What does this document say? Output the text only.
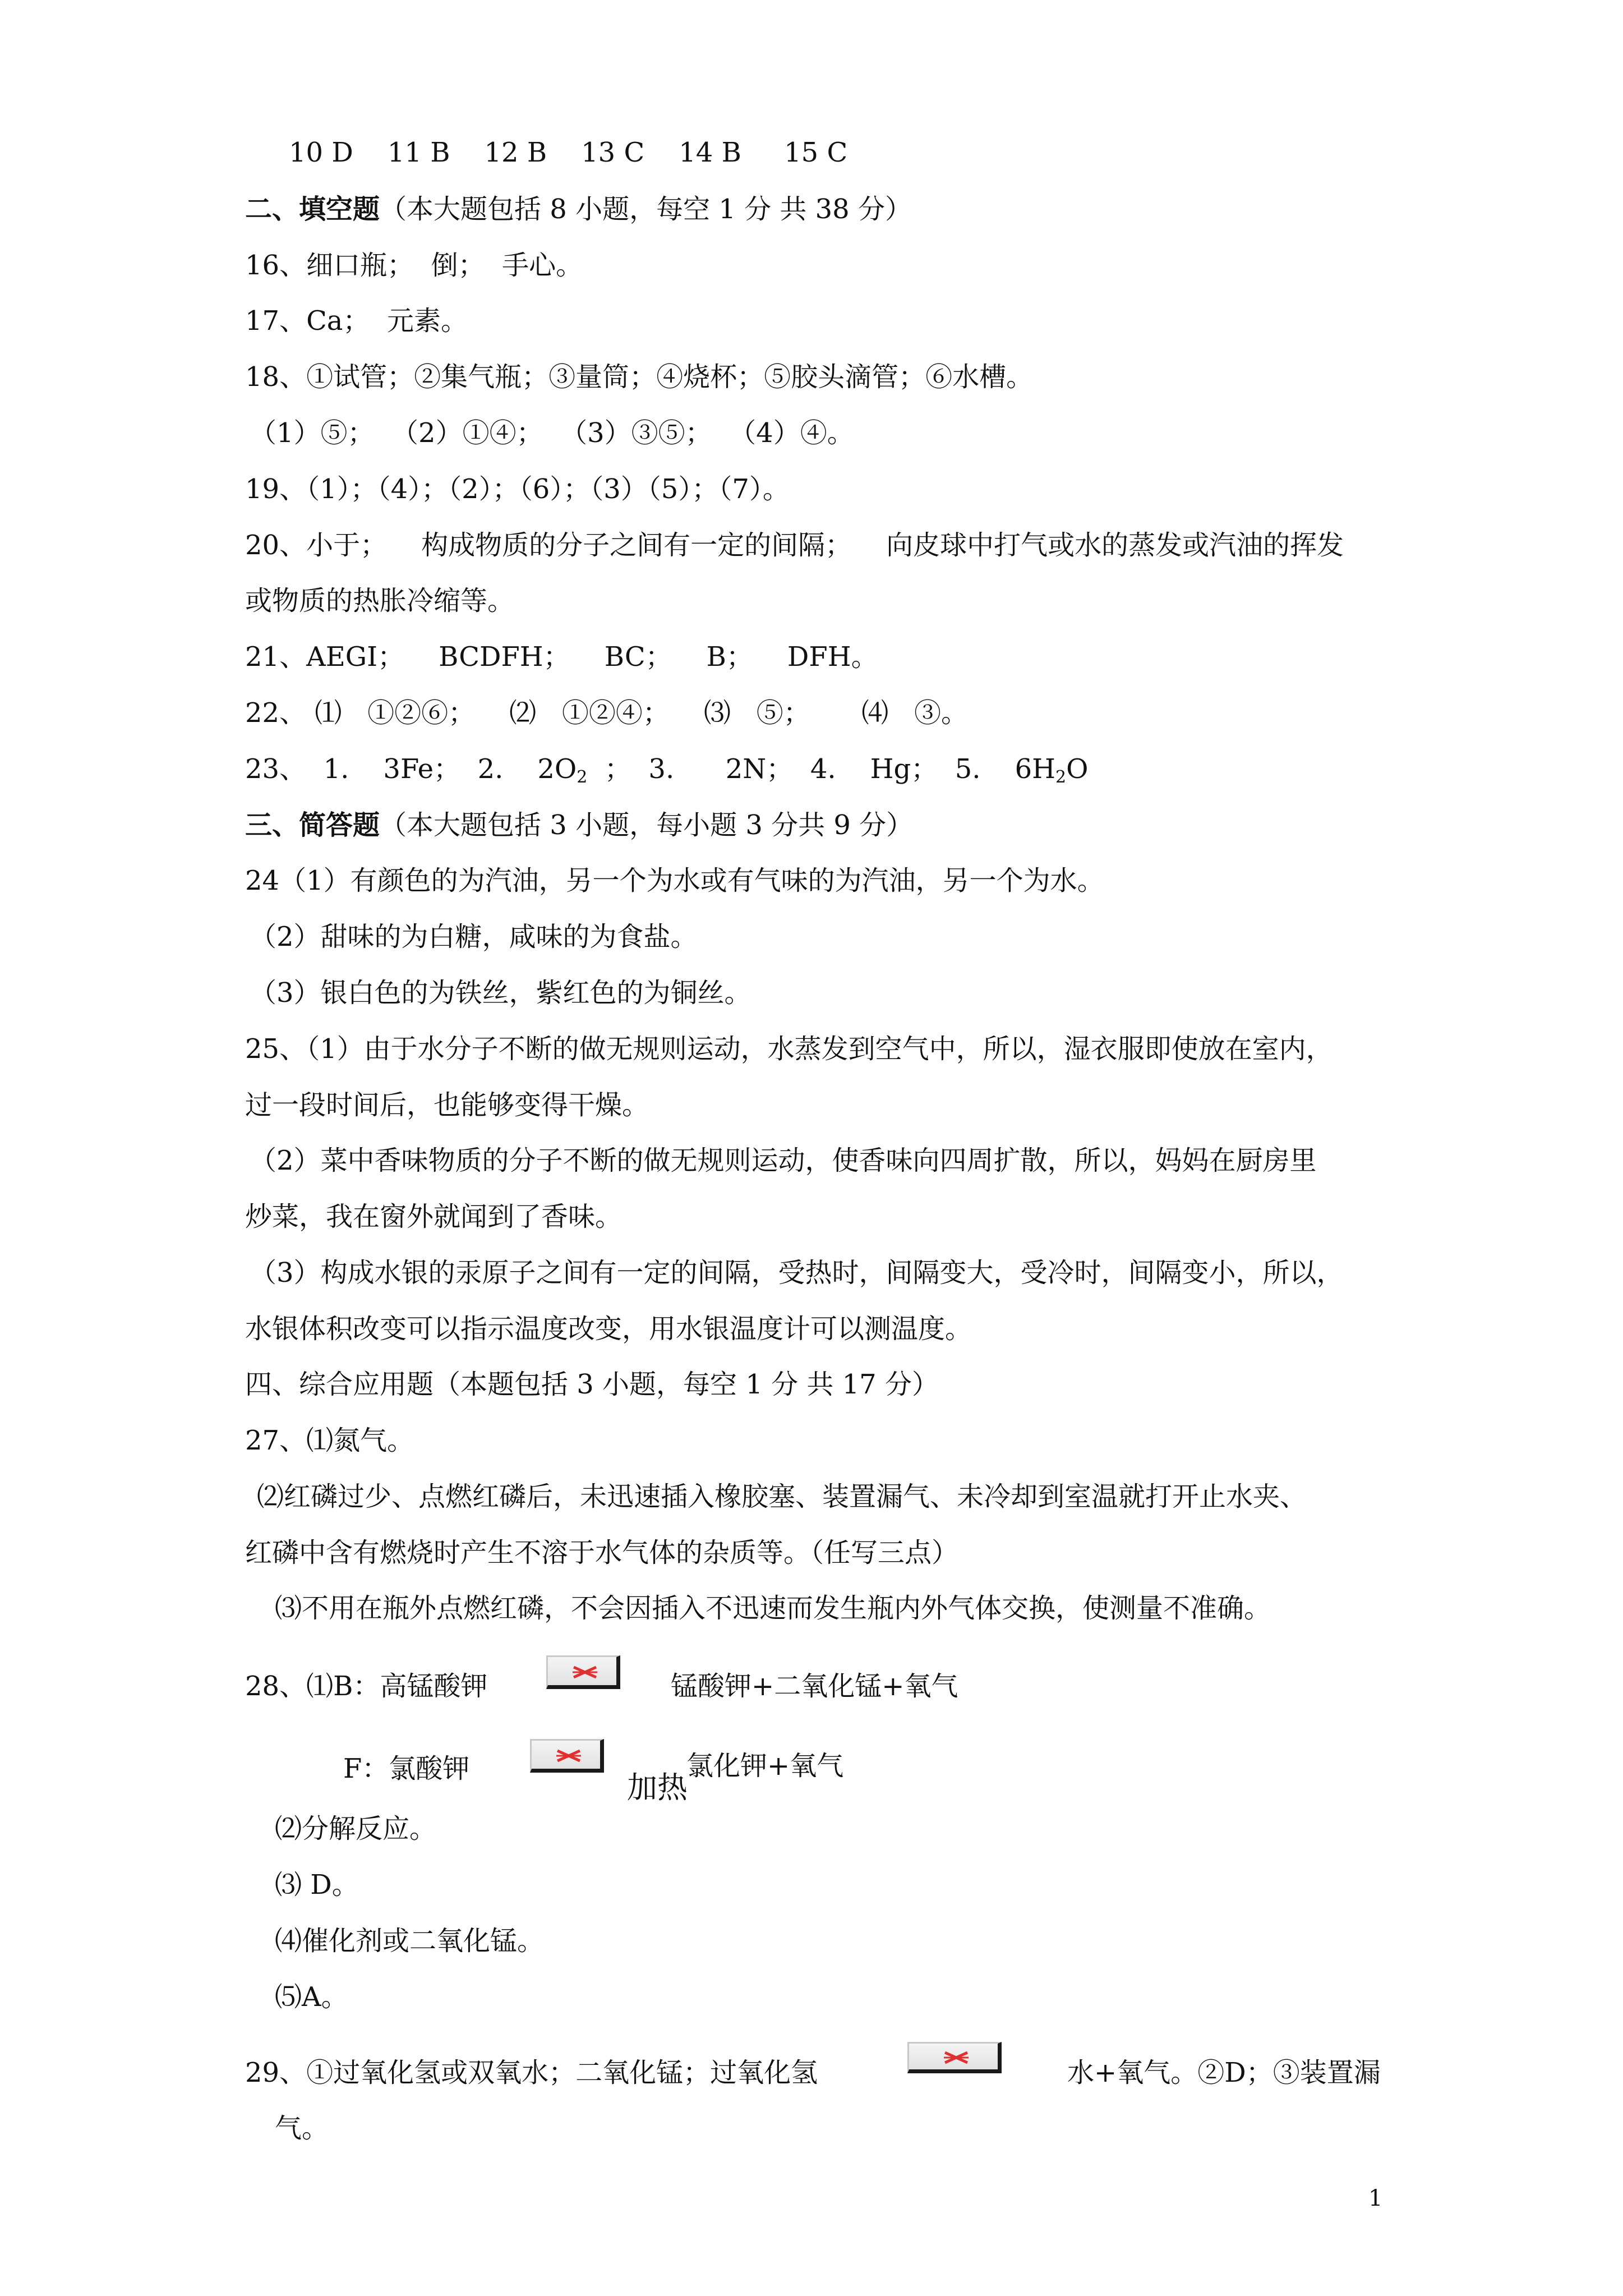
10 D    11 B    12 B    13 C    14 B     15 C
二、填空题（本大题包括 8 小题，每空 1 分 共 38 分）
16、细口瓶；  倒；  手心。
17、Ca；  元素。
18、①试管；②集气瓶；③量筒；④烧杯；⑤胶头滴管；⑥水槽。
（1）⑤；  （2）①④；  （3）③⑤；  （4）④。
19、（1）；（4）；（2）；（6）；（3）（5）；（7）。
20、小于；    构成物质的分子之间有一定的间隔；    向皮球中打气或水的蒸发或汽油的挥发
或物质的热胀冷缩等。
21、AEGI；    BCDFH；    BC；    B；    DFH。
22、 ⑴   ①②⑥；    ⑵   ①②④；    ⑶   ⑤；      ⑷   ③。
23、  1.    3Fe；  2.    $2O_2$  ；  3.      2N；  4.    Hg；  5.    $6H_2O$
三、简答题（本大题包括 3 小题，每小题 3 分共 9 分）
24（1）有颜色的为汽油，另一个为水或有气味的为汽油，另一个为水。
（2）甜味的为白糖，咸味的为食盐。
（3）银白色的为铁丝，紫红色的为铜丝。
25、（1）由于水分子不断的做无规则运动，水蒸发到空气中，所以，湿衣服即使放在室内，
过一段时间后，也能够变得干燥。
（2）菜中香味物质的分子不断的做无规则运动，使香味向四周扩散，所以，妈妈在厨房里
炒菜，我在窗外就闻到了香味。
（3）构成水银的汞原子之间有一定的间隔，受热时，间隔变大，受冷时，间隔变小，所以，
水银体积改变可以指示温度改变，用水银温度计可以测温度。
四、综合应用题（本题包括 3 小题，每空 1 分 共 17 分）
27、⑴氮气。
⑵红磷过少、点燃红磷后，未迅速插入橡胶塞、装置漏气、未冷却到室温就打开止水夹、
红磷中含有燃烧时产生不溶于水气体的杂质等。（任写三点）
⑶不用在瓶外点燃红磷，不会因插入不迅速而发生瓶内外气体交换，使测量不准确。
28、⑴B：高锰酸钾	锰酸钾+二氧化锰+氧气
F：氯酸钾
加热
氯化钾+氧气
⑵分解反应。
⑶ D。
⑷催化剂或二氧化锰。
⑸A。
29、①过氧化氢或双氧水；二氧化锰；过氧化氢	水+氧气。②D；③装置漏
气。
1
